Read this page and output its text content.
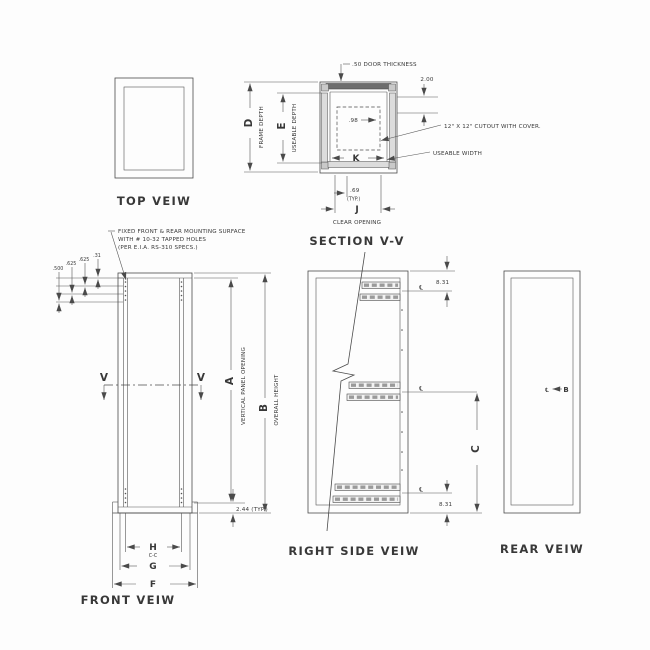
TOP VEIW
.98
K
D FRAME DEPTH E USEABLE DEPTH
.50 DOOR THICKNESS
2.00
12" X 12" CUTOUT WITH COVER.
USEABLE WIDTH
.69
(TYP.)
J
CLEAR OPENING
SECTION V-V
FIXED FRONT & REAR MOUNTING SURFACE
WITH # 10-32 TAPPED HOLES
(PER E.I.A. RS-310 SPECS.)
.31
.625
.625
.500
V	V A VERTICAL PANEL OPENING B OVERALL HEIGHT
2.44 (TYP.)
H
C-C
G
F
FRONT VEIW
℄
℄
℄
8.31
8.31
C
RIGHT SIDE VEIW
℄ B
REAR VEIW
